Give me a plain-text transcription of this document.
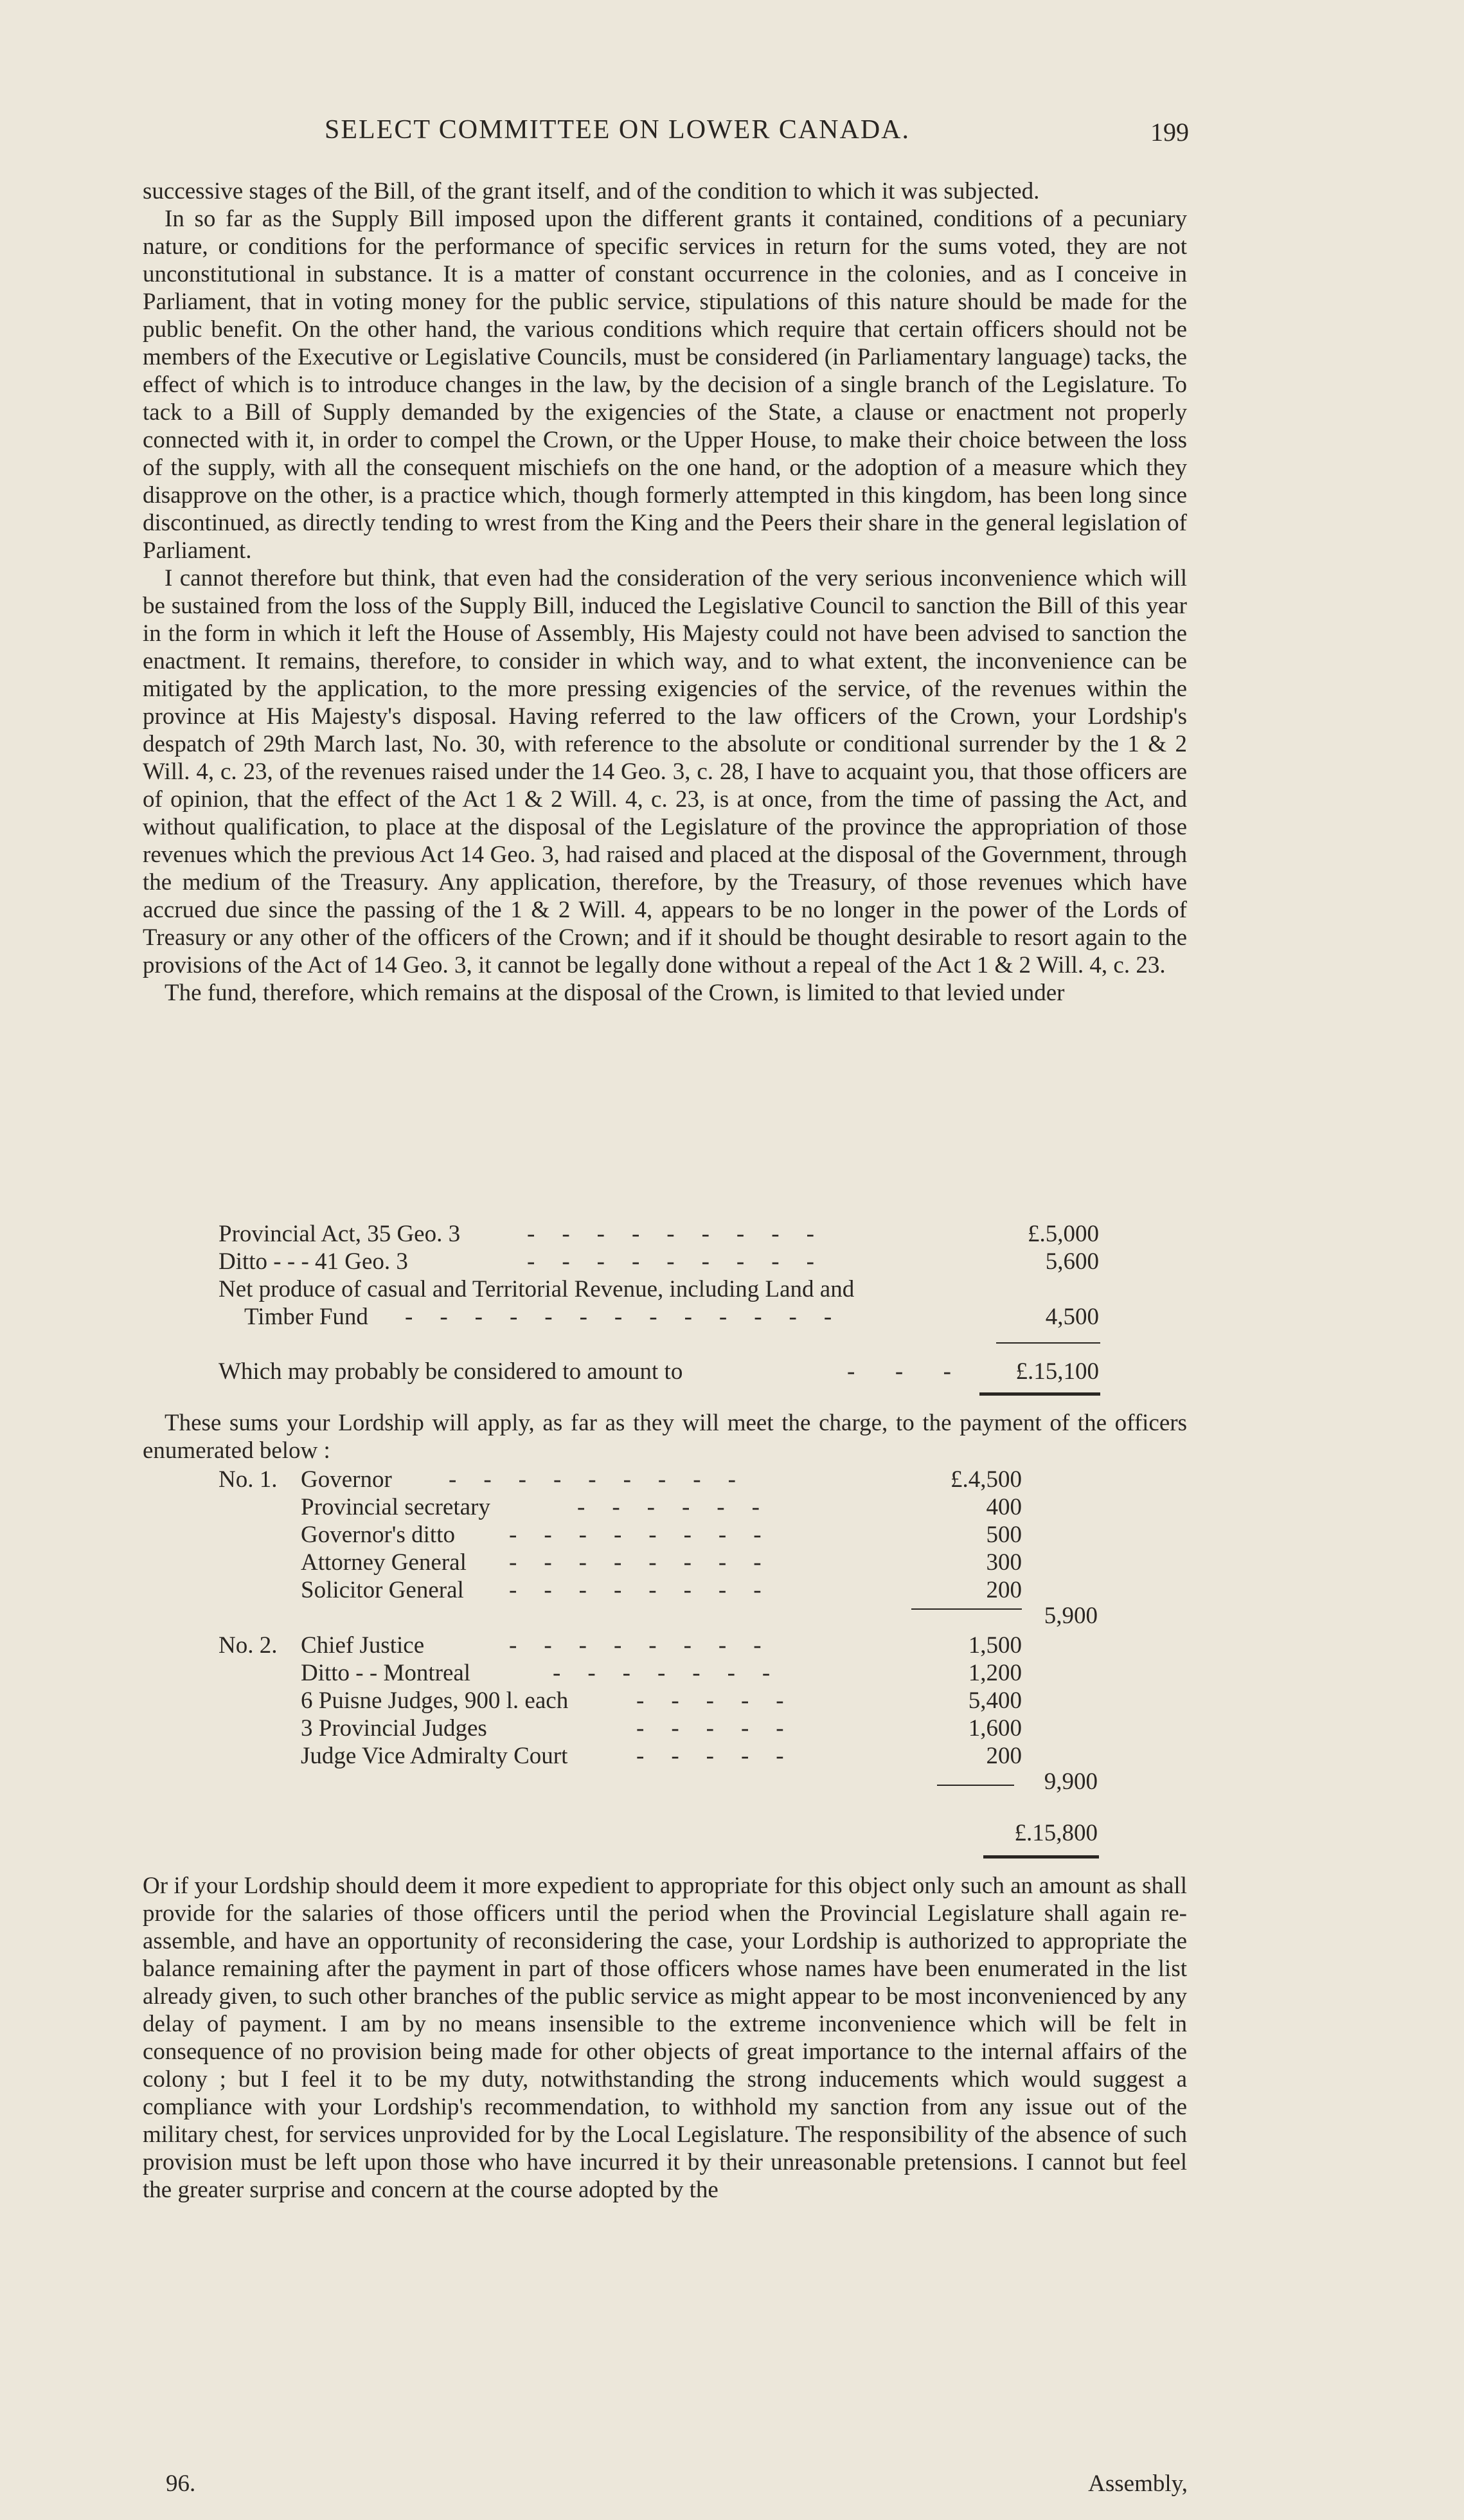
SELECT COMMITTEE ON LOWER CANADA.	199

successive stages of the Bill, of the grant itself, and of the condition to which it was subjected.

In so far as the Supply Bill imposed upon the different grants it contained, conditions of a pecuniary nature, or conditions for the performance of specific services in return for the sums voted, they are not unconstitutional in substance. It is a matter of constant occurrence in the colonies, and as I conceive in Parliament, that in voting money for the public service, stipulations of this nature should be made for the public benefit. On the other hand, the various conditions which require that certain officers should not be members of the Executive or Legislative Councils, must be considered (in Parliamentary language) tacks, the effect of which is to introduce changes in the law, by the decision of a single branch of the Legislature. To tack to a Bill of Supply demanded by the exigencies of the State, a clause or enactment not properly connected with it, in order to compel the Crown, or the Upper House, to make their choice between the loss of the supply, with all the consequent mischiefs on the one hand, or the adoption of a measure which they disapprove on the other, is a practice which, though formerly attempted in this kingdom, has been long since discontinued, as directly tending to wrest from the King and the Peers their share in the general legislation of Parliament.

I cannot therefore but think, that even had the consideration of the very serious inconvenience which will be sustained from the loss of the Supply Bill, induced the Legislative Council to sanction the Bill of this year in the form in which it left the House of Assembly, His Majesty could not have been advised to sanction the enactment. It remains, therefore, to consider in which way, and to what extent, the inconvenience can be mitigated by the application, to the more pressing exigencies of the service, of the revenues within the province at His Majesty's disposal. Having referred to the law officers of the Crown, your Lordship's despatch of 29th March last, No. 30, with reference to the absolute or conditional surrender by the 1 & 2 Will. 4, c. 23, of the revenues raised under the 14 Geo. 3, c. 28, I have to acquaint you, that those officers are of opinion, that the effect of the Act 1 & 2 Will. 4, c. 23, is at once, from the time of passing the Act, and without qualification, to place at the disposal of the Legislature of the province the appropriation of those revenues which the previous Act 14 Geo. 3, had raised and placed at the disposal of the Government, through the medium of the Treasury. Any application, therefore, by the Treasury, of those revenues which have accrued due since the passing of the 1 & 2 Will. 4, appears to be no longer in the power of the Lords of Treasury or any other of the officers of the Crown; and if it should be thought desirable to resort again to the provisions of the Act of 14 Geo. 3, it cannot be legally done without a repeal of the Act 1 & 2 Will. 4, c. 23.

The fund, therefore, which remains at the disposal of the Crown, is limited to that levied under

Provincial Act, 35 Geo. 3	-    -    -    -    -    -    -    -    -	£.5,000
Ditto - - - 41 Geo. 3	-    -    -    -    -    -    -    -    -	5,600
Net produce of casual and Territorial Revenue, including Land and
Timber Fund -    -    -    -    -    -    -    -    -    -    -    -    -	4,500
Which may probably be considered to amount to	-      -      -	£.15,100

These sums your Lordship will apply, as far as they will meet the charge, to the payment of the officers enumerated below :

No. 1. Governor -    -    -    -    -    -    -    -    -	£.4,500
Provincial secretary	-    -    -    -    -    -	400
Governor's ditto -    -    -    -    -    -    -    -	500
Attorney General -    -    -    -    -    -    -    -	300
Solicitor General -    -    -    -    -    -    -    -	200
5,900
No. 2. Chief Justice	-    -    -    -    -    -    -    -	1,500
Ditto - - Montreal	-    -    -    -    -    -    -	1,200
6 Puisne Judges, 900 l. each	-    -    -    -    -	5,400
3 Provincial Judges	-    -    -    -    -	1,600
Judge Vice Admiralty Court	-    -    -    -    -	200
9,900
£.15,800

Or if your Lordship should deem it more expedient to appropriate for this object only such an amount as shall provide for the salaries of those officers until the period when the Provincial Legislature shall again re-assemble, and have an opportunity of reconsidering the case, your Lordship is authorized to appropriate the balance remaining after the payment in part of those officers whose names have been enumerated in the list already given, to such other branches of the public service as might appear to be most inconvenienced by any delay of payment. I am by no means insensible to the extreme inconvenience which will be felt in consequence of no provision being made for other objects of great importance to the internal affairs of the colony ; but I feel it to be my duty, notwithstanding the strong inducements which would suggest a compliance with your Lordship's recommendation, to withhold my sanction from any issue out of the military chest, for services unprovided for by the Local Legislature. The responsibility of the absence of such provision must be left upon those who have incurred it by their unreasonable pretensions. I cannot but feel the greater surprise and concern at the course adopted by the

96.	Assembly,
